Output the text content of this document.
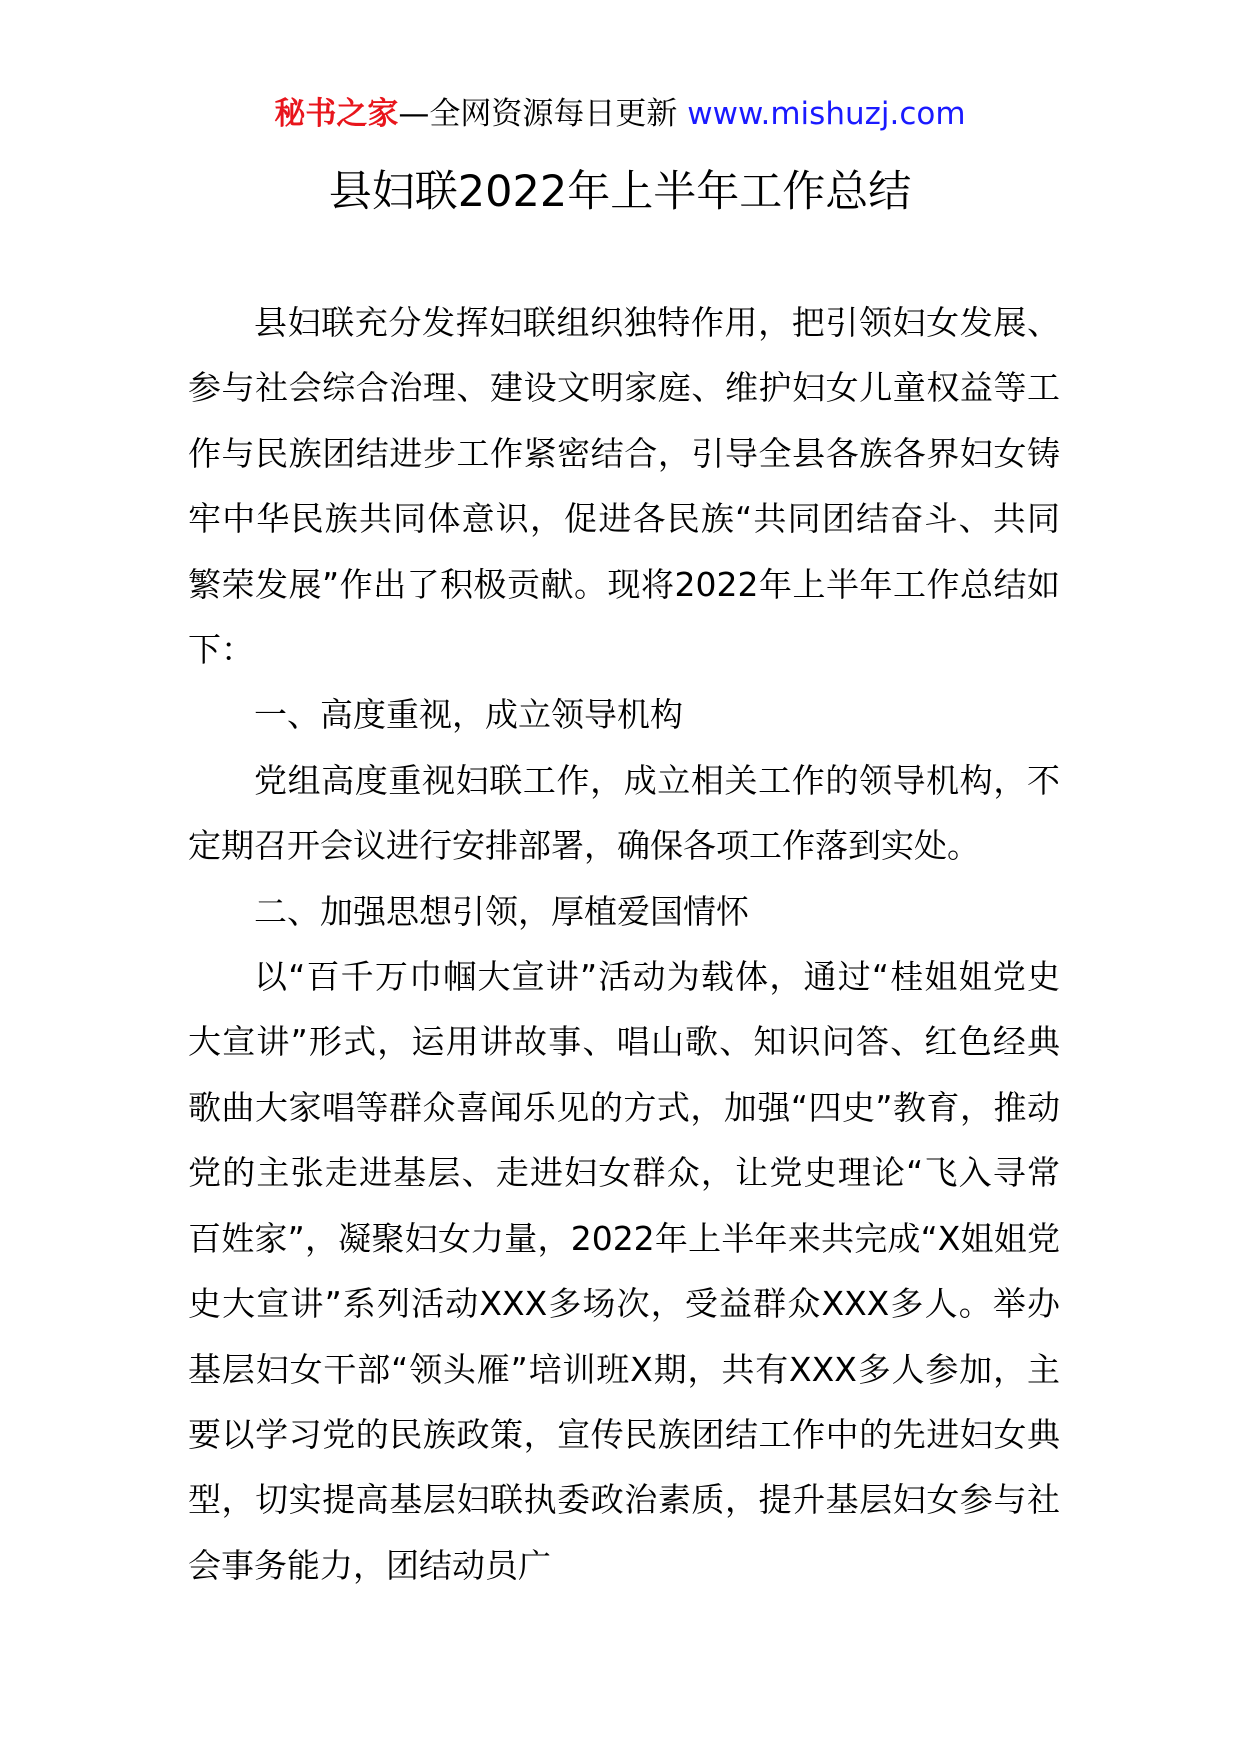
秘书之家—全网资源每日更新 www.mishuzj.com
县妇联2022年上半年工作总结

县妇联充分发挥妇联组织独特作用，把引领妇女发展、参与社会综合治理、建设文明家庭、维护妇女儿童权益等工作与民族团结进步工作紧密结合，引导全县各族各界妇女铸牢中华民族共同体意识，促进各民族“共同团结奋斗、共同繁荣发展”作出了积极贡献。现将2022年上半年工作总结如下：

一、高度重视，成立领导机构

党组高度重视妇联工作，成立相关工作的领导机构，不定期召开会议进行安排部署，确保各项工作落到实处。

二、加强思想引领，厚植爱国情怀

以“百千万巾帼大宣讲”活动为载体，通过“桂姐姐党史大宣讲”形式，运用讲故事、唱山歌、知识问答、红色经典歌曲大家唱等群众喜闻乐见的方式，加强“四史”教育，推动党的主张走进基层、走进妇女群众，让党史理论“飞入寻常百姓家”，凝聚妇女力量，2022年上半年来共完成“X姐姐党史大宣讲”系列活动XXX多场次，受益群众XXX多人。举办基层妇女干部“领头雁”培训班X期，共有XXX多人参加，主要以学习党的民族政策，宣传民族团结工作中的先进妇女典型，切实提高基层妇联执委政治素质，提升基层妇女参与社会事务能力，团结动员广
